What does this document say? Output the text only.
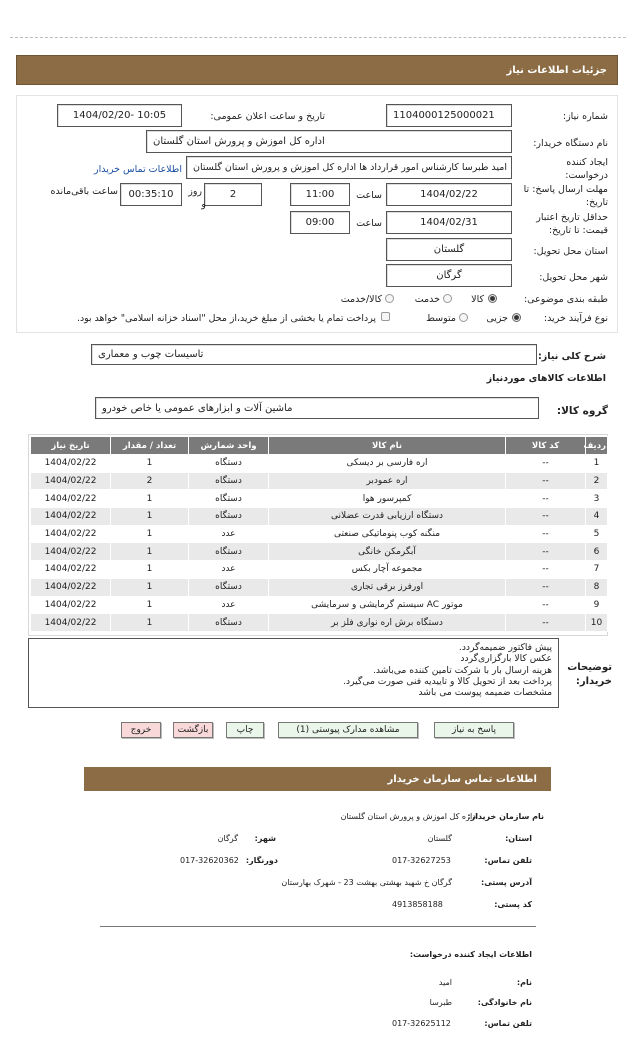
جزئیات اطلاعات نیاز
شماره نیاز:
1104000125000021
تاریخ و ساعت اعلان عمومی:
1404/02/20- 10:05
نام دستگاه خریدار:
اداره کل اموزش و پرورش استان گلستان
ایجاد کننده
درخواست:
امید طبرسا کارشناس امور قرارداد ها اداره کل اموزش و پرورش استان گلستان
اطلاعات تماس خریدار
مهلت ارسال پاسخ: تا
تاریخ:
1404/02/22
ساعت
11:00
2
روز
و
00:35:10
ساعت باقی‌مانده
حداقل تاریخ اعتبار
قیمت: تا تاریخ:
1404/02/31
ساعت
09:00
استان محل تحویل:
گلستان
شهر محل تحویل:
گرگان
طبقه بندی موضوعی:
کالا
خدمت
کالا/خدمت
نوع فرآیند خرید:
جزیی
متوسط
پرداخت تمام یا بخشی از مبلغ خرید،از محل "اسناد خزانه اسلامی" خواهد بود.
شرح کلی نیاز:
تاسیسات چوب و معماری
اطلاعات کالاهای موردنیاز
گروه کالا:
ماشین آلات و ابزارهای عمومی یا خاص خودرو
ردیف	کد کالا	نام کالا	واحد شمارش	تعداد / مقدار	تاریخ نیاز
1	--	اره فارسی بر دیسکی	دستگاه	1	1404/02/22
2	--	اره عمودبر	دستگاه	2	1404/02/22
3	--	کمپرسور هوا	دستگاه	1	1404/02/22
4	--	دستگاه ارزیابی قدرت عضلانی	دستگاه	1	1404/02/22
5	--	منگنه کوب پنوماتیکی صنعتی	عدد	1	1404/02/22
6	--	آبگرمکن خانگی	دستگاه	1	1404/02/22
7	--	مجموعه آچار بکس	عدد	1	1404/02/22
8	--	اورفرز برقی تجاری	دستگاه	1	1404/02/22
9	--	موتور AC سیستم گرمایشی و سرمایشی	عدد	1	1404/02/22
10	--	دستگاه برش اره نواری فلز بر	دستگاه	1	1404/02/22
توضیحات
خریدار:
پیش فاکتور ضمیمه‌گردد.
عکس کالا بارگزاری‌گردد
هزینه ارسال بار با شرکت تامین کننده می‌باشد.
پرداخت بعد از تحویل کالا و تاییدیه فنی صورت می‌گیرد.
مشخصات ضمیمه پیوست می باشد
پاسخ به نیاز
مشاهده مدارک پیوستی (1)
چاپ
بازگشت
خروج
اطلاعات تماس سازمان خریدار
نام سازمان خریدار:
اداره کل اموزش و پرورش استان گلستان
استان:
گلستان
شهر:
گرگان
تلفن تماس:
017-32627253
دورنگار:
017-32620362
آدرس پستی:
گرگان خ شهید بهشتی بهشت 23 - شهرک بهارستان
کد پستی:
4913858188
اطلاعات ایجاد کننده درخواست:
نام:
امید
نام خانوادگی:
طبرسا
تلفن تماس:
017-32625112
